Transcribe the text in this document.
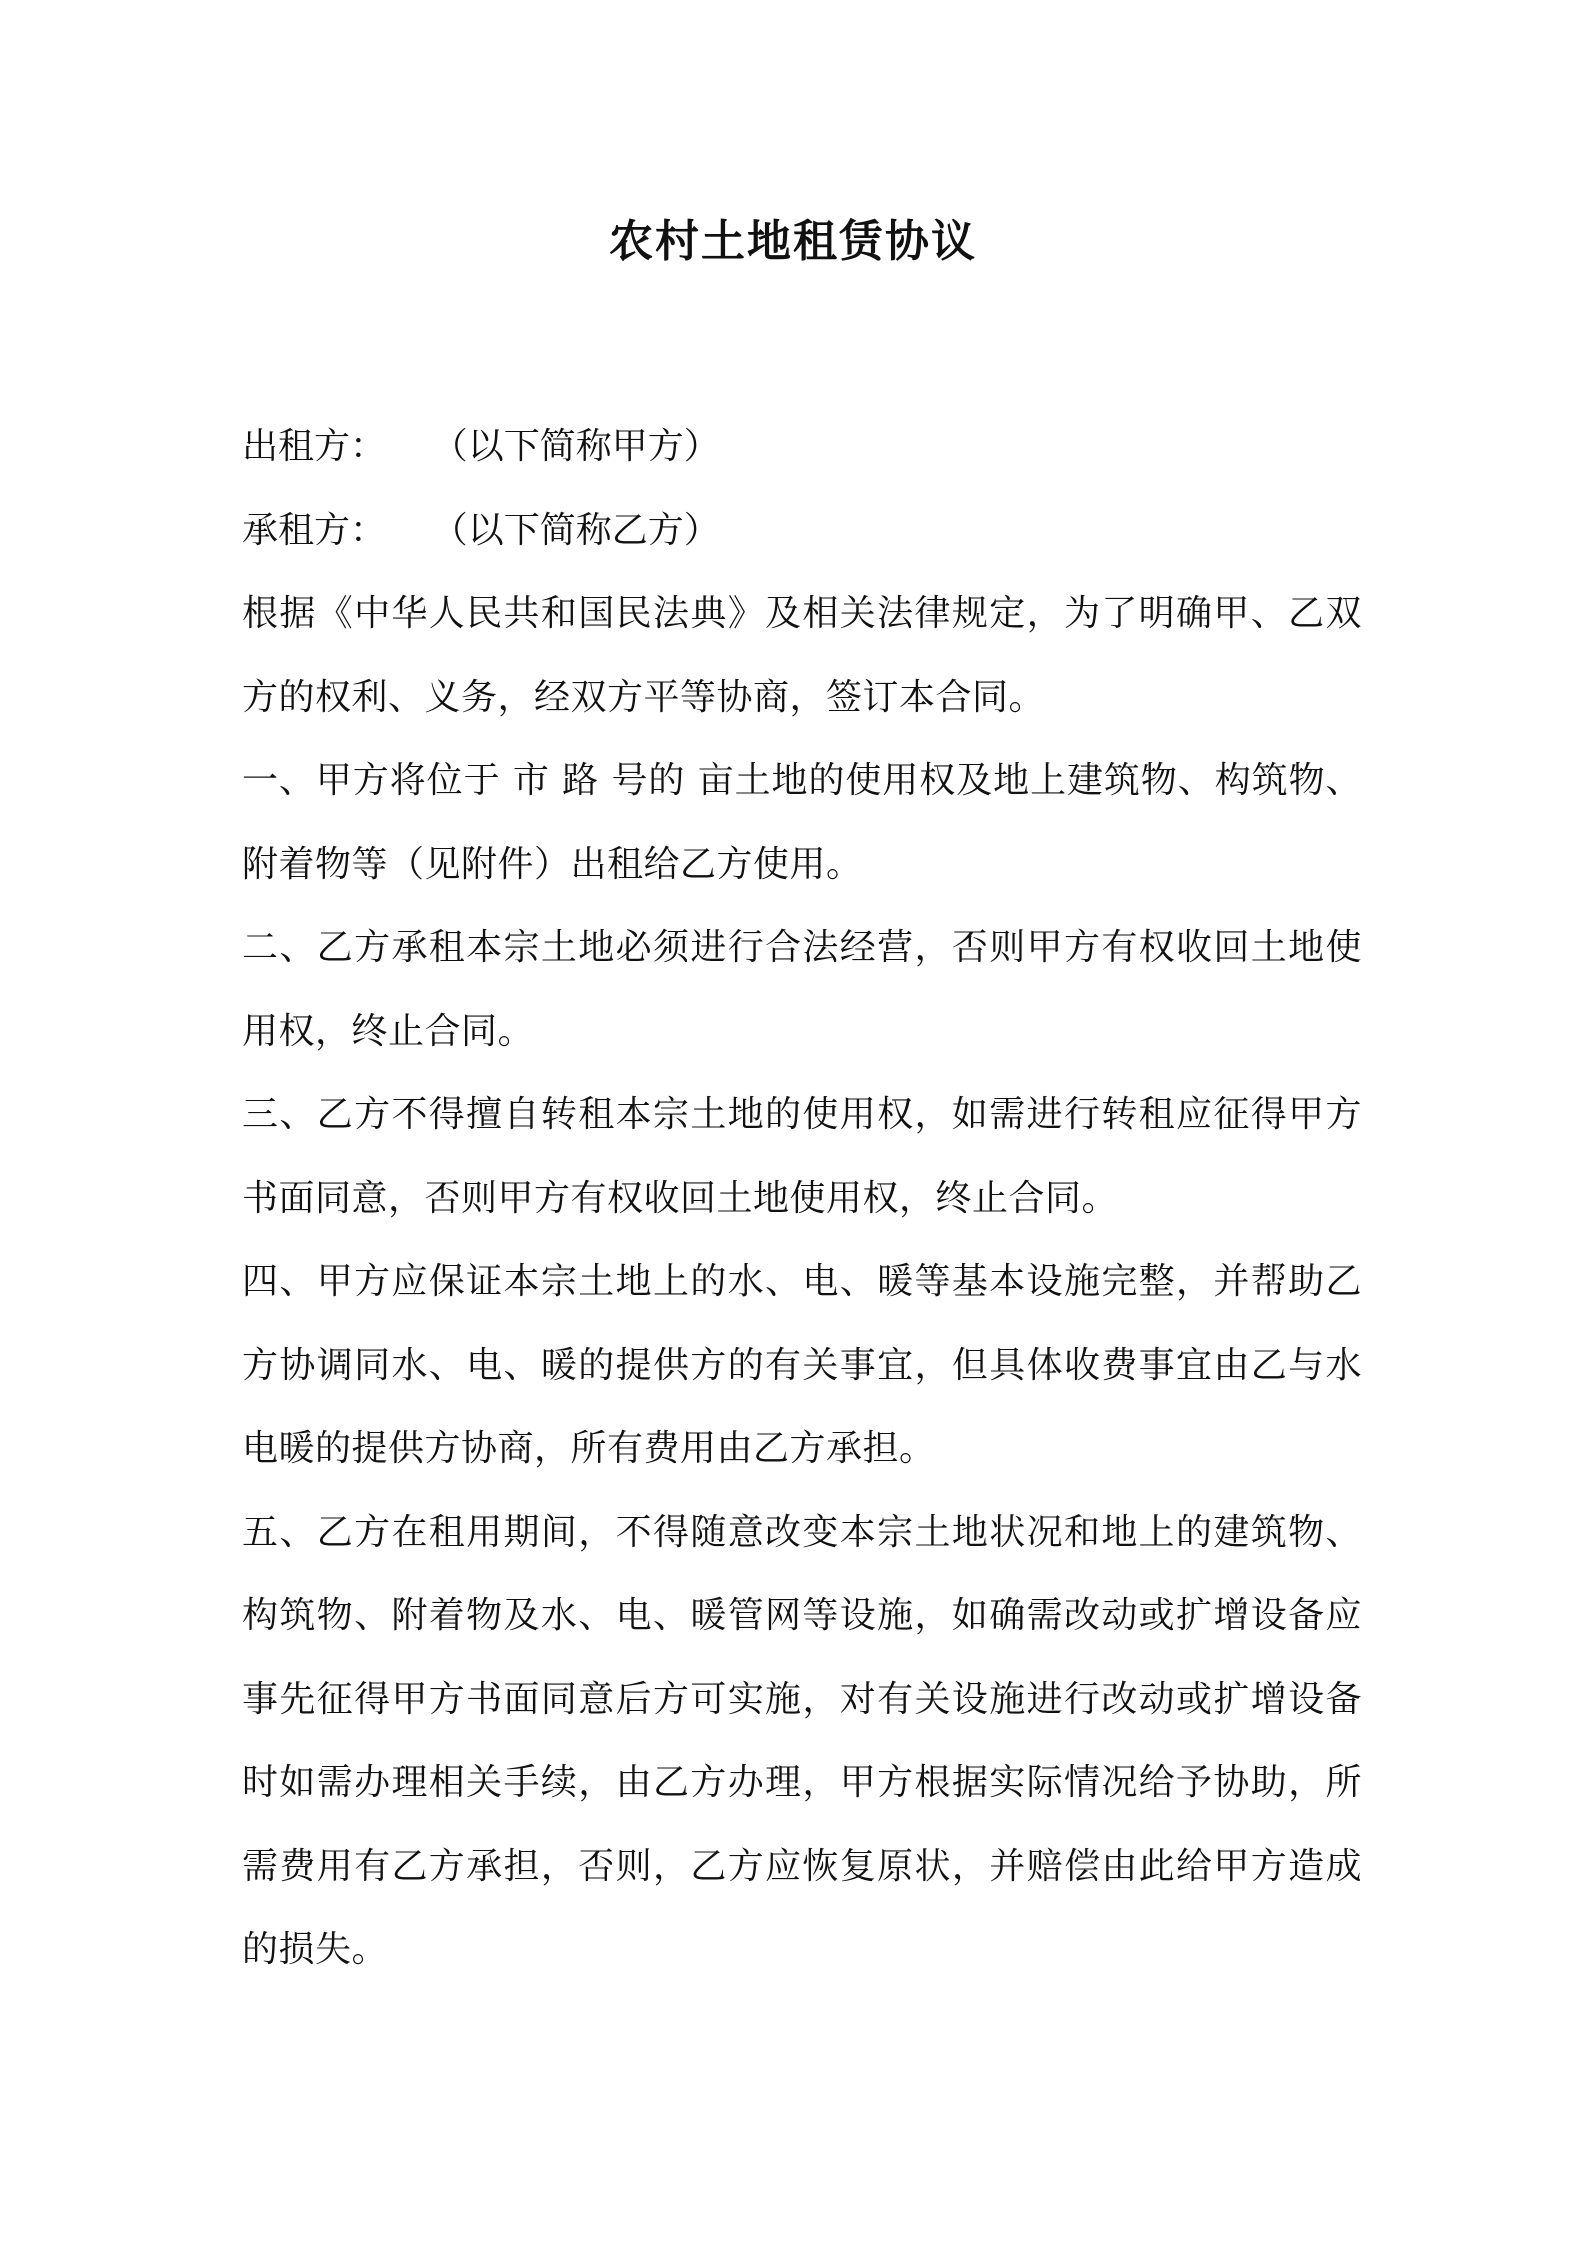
农村土地租赁协议

出租方：    （以下简称甲方）

承租方：    （以下简称乙方）

根据《中华人民共和国民法典》及相关法律规定，为了明确甲、乙双方的权利、义务，经双方平等协商，签订本合同。

一、甲方将位于 市 路 号的 亩土地的使用权及地上建筑物、构筑物、附着物等（见附件）出租给乙方使用。

二、乙方承租本宗土地必须进行合法经营，否则甲方有权收回土地使用权，终止合同。

三、乙方不得擅自转租本宗土地的使用权，如需进行转租应征得甲方书面同意，否则甲方有权收回土地使用权，终止合同。

四、甲方应保证本宗土地上的水、电、暖等基本设施完整，并帮助乙方协调同水、电、暖的提供方的有关事宜，但具体收费事宜由乙与水电暖的提供方协商，所有费用由乙方承担。

五、乙方在租用期间，不得随意改变本宗土地状况和地上的建筑物、构筑物、附着物及水、电、暖管网等设施，如确需改动或扩增设备应事先征得甲方书面同意后方可实施，对有关设施进行改动或扩增设备时如需办理相关手续，由乙方办理，甲方根据实际情况给予协助，所需费用有乙方承担，否则，乙方应恢复原状，并赔偿由此给甲方造成的损失。
